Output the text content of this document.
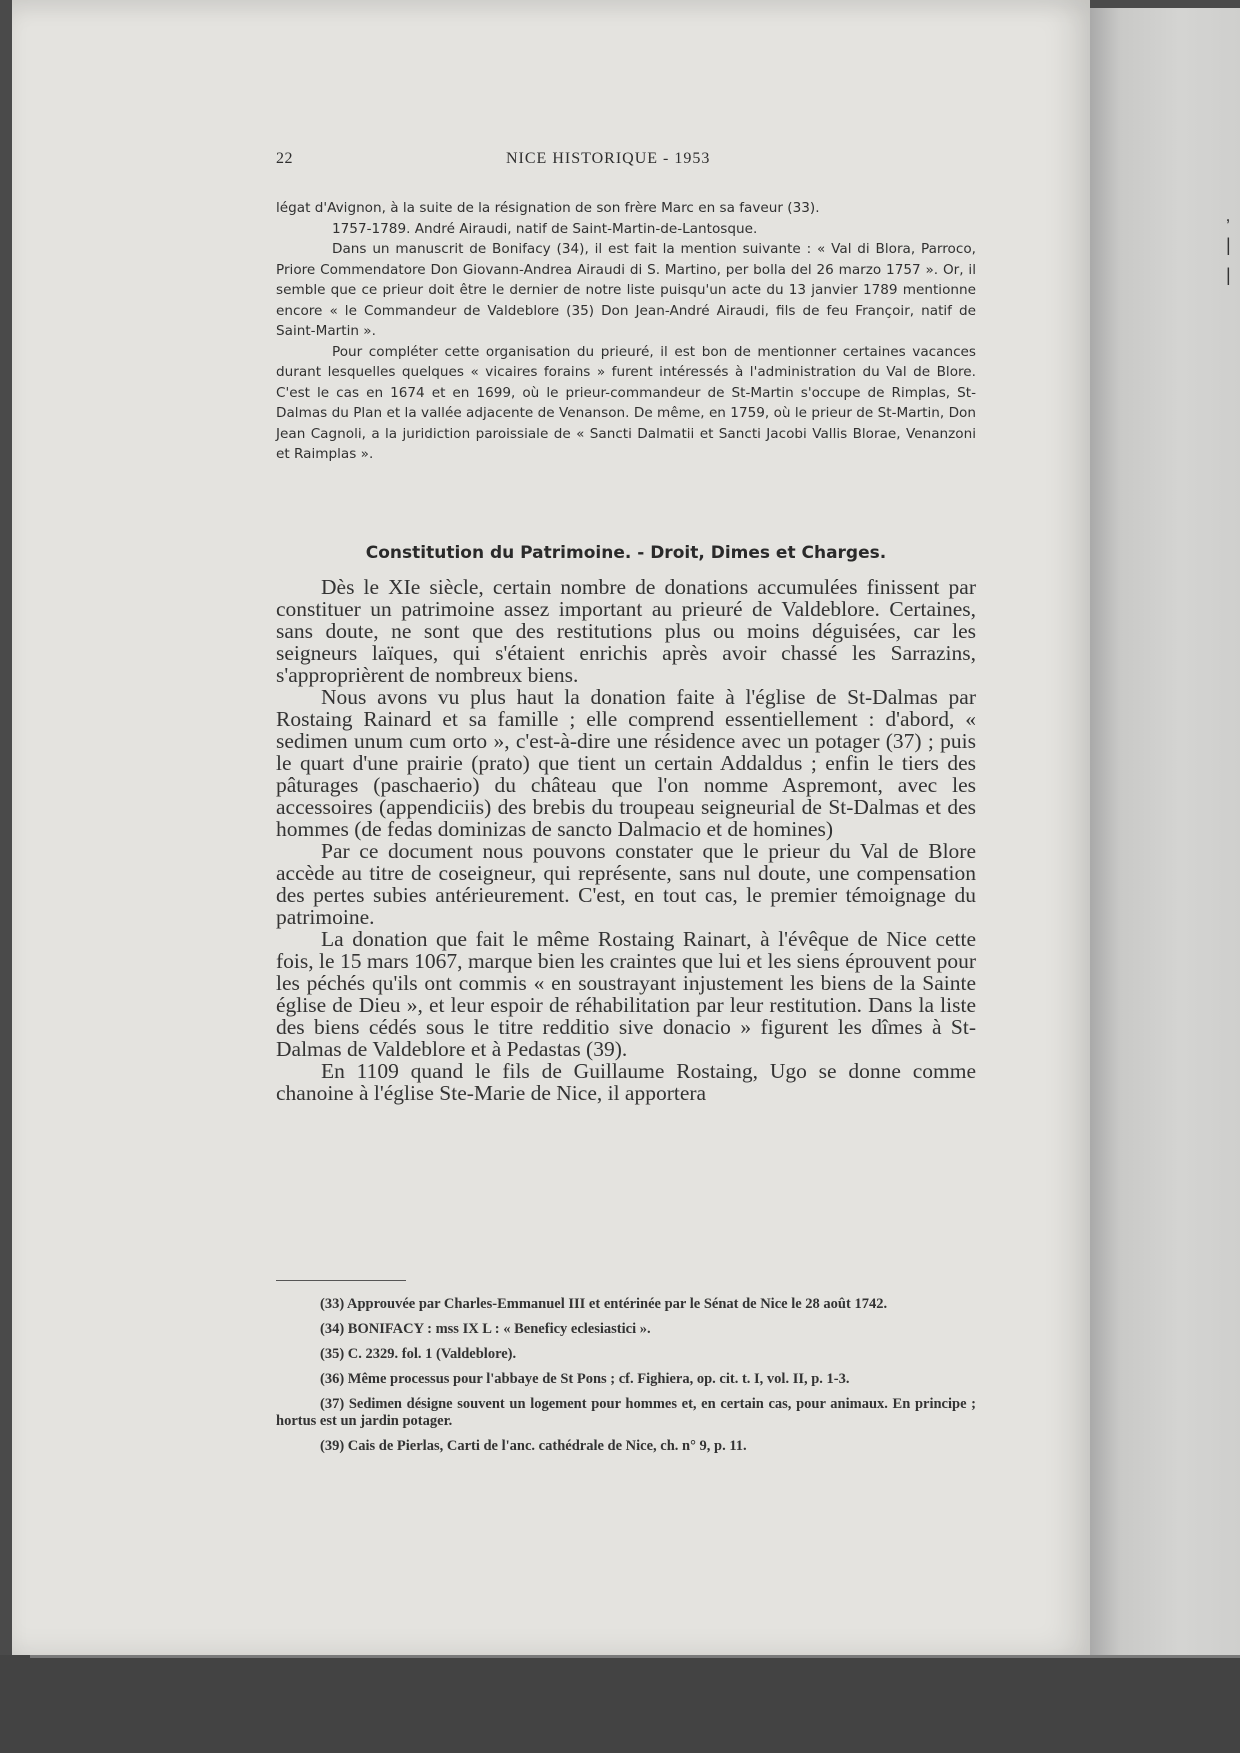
‚
|
|
22	NICE HISTORIQUE - 1953

légat d'Avignon, à la suite de la résignation de son frère Marc en sa faveur (33).

1757-1789. André Airaudi, natif de Saint-Martin-de-Lantosque.

Dans un manuscrit de Bonifacy (34), il est fait la mention suivante : « Val di Blora, Parroco, Priore Commendatore Don Giovann-Andrea Airaudi di S. Martino, per bolla del 26 marzo 1757 ». Or, il semble que ce prieur doit être le dernier de notre liste puisqu'un acte du 13 janvier 1789 mentionne encore « le Commandeur de Valdeblore (35) Don Jean-André Airaudi, fils de feu Françoir, natif de Saint-Martin ».

Pour compléter cette organisation du prieuré, il est bon de mentionner certaines vacances durant lesquelles quelques « vicaires forains » furent intéressés à l'administration du Val de Blore. C'est le cas en 1674 et en 1699, où le prieur-commandeur de St-Martin s'occupe de Rimplas, St-Dalmas du Plan et la vallée adjacente de Venanson. De même, en 1759, où le prieur de St-Martin, Don Jean Cagnoli, a la juridiction paroissiale de « Sancti Dalmatii et Sancti Jacobi Vallis Blorae, Venanzoni et Raimplas ».

Constitution du Patrimoine. - Droit, Dimes et Charges.

Dès le XIe siècle, certain nombre de donations accumulées finissent par constituer un patrimoine assez important au prieuré de Valdeblore. Certaines, sans doute, ne sont que des restitutions plus ou moins déguisées, car les seigneurs laïques, qui s'étaient enrichis après avoir chassé les Sarrazins, s'approprièrent de nombreux biens.

Nous avons vu plus haut la donation faite à l'église de St-Dalmas par Rostaing Rainard et sa famille ; elle comprend essentiellement : d'abord, « sedimen unum cum orto », c'est-à-dire une résidence avec un potager (37) ; puis le quart d'une prairie (prato) que tient un certain Addaldus ; enfin le tiers des pâturages (paschaerio) du château que l'on nomme Aspremont, avec les accessoires (appendiciis) des brebis du troupeau seigneurial de St-Dalmas et des hommes (de fedas dominizas de sancto Dalmacio et de homines)

Par ce document nous pouvons constater que le prieur du Val de Blore accède au titre de coseigneur, qui représente, sans nul doute, une compensation des pertes subies antérieurement. C'est, en tout cas, le premier témoignage du patrimoine.

La donation que fait le même Rostaing Rainart, à l'évêque de Nice cette fois, le 15 mars 1067, marque bien les craintes que lui et les siens éprouvent pour les péchés qu'ils ont commis « en soustrayant injustement les biens de la Sainte église de Dieu », et leur espoir de réhabilitation par leur restitution. Dans la liste des biens cédés sous le titre redditio sive donacio » figurent les dîmes à St-Dalmas de Valdeblore et à Pedastas (39).

En 1109 quand le fils de Guillaume Rostaing, Ugo se donne comme chanoine à l'église Ste-Marie de Nice, il apportera

(33) Approuvée par Charles-Emmanuel III et entérinée par le Sénat de Nice le 28 août 1742.

(34) BONIFACY : mss IX L : « Beneficy eclesiastici ».

(35) C. 2329. fol. 1 (Valdeblore).

(36) Même processus pour l'abbaye de St Pons ; cf. Fighiera, op. cit. t. I, vol. II, p. 1-3.

(37) Sedimen désigne souvent un logement pour hommes et, en certain cas, pour animaux. En principe ; hortus est un jardin potager.

(39) Cais de Pierlas, Carti de l'anc. cathédrale de Nice, ch. n° 9, p. 11.
